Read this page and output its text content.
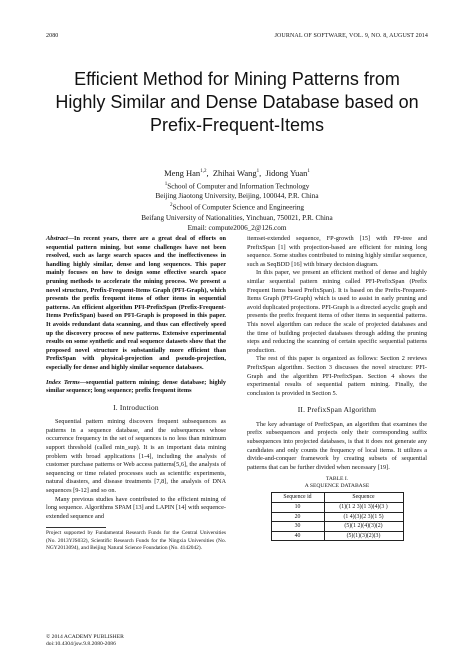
2080	JOURNAL OF SOFTWARE, VOL. 9, NO. 8, AUGUST 2014
Efficient Method for Mining Patterns from
Highly Similar and Dense Database based on
Prefix-Frequent-Items
Meng Han$^{1,2}$,  Zhihai Wang$^1$,  Jidong Yuan$^1$
$^1$School of Computer and Information Technology
Beijing Jiaotong University, Beijing, 100044, P.R. China
$^2$School of Computer Science and Engineering
Beifang University of Nationalities, Yinchuan, 750021, P.R. China
Email: compute2006_2@126.com

Abstract—In recent years, there are a great deal of efforts on sequential pattern mining, but some challenges have not been resolved, such as large search spaces and the ineffectiveness in handling highly similar, dense and long sequences. This paper mainly focuses on how to design some effective search space pruning methods to accelerate the mining process. We present a novel structure, Prefix-Frequent-Items Graph (PFI-Graph), which presents the prefix frequent items of other items in sequential patterns. An efficient algorithm PFI-PrefixSpan (Prefix-Frequent-Items PrefixSpan) based on PFI-Graph is proposed in this paper. It avoids redundant data scanning, and thus can effectively speed up the discovery process of new patterns. Extensive experimental results on some synthetic and real sequence datasets show that the proposed novel structure is substantially more efficient than PrefixSpan with physical-projection and pseudo-projection, especially for dense and highly similar sequence databases.

Index Terms—sequential pattern mining; dense database; highly similar sequence; long sequence; prefix frequent items

I. Introduction

Sequential pattern mining discovers frequent subsequences as patterns in a sequence database, and the subsequences whose occurrence frequency in the set of sequences is no less than minimum support threshold (called min_sup). It is an important data mining problem with broad applications [1-4], including the analysis of customer purchase patterns or Web access patterns[5,6], the analysis of sequencing or time related processes such as scientific experiments, natural disasters, and disease treatments [7,8], the analysis of DNA sequences [9-12] and so on.

Many previous studies have contributed to the efficient mining of long sequence. Algorithms SPAM [13] and LAPIN [14] with sequence-extended sequence and

Project supported by Fundamental Research Funds for the Central Universities (No. 2013YJS032), Scientific Research Funds for the Ningxia Universities (No. NGY2013094), and Beijing Natural Science Foundation (No. 4142042).

itemset-extended sequence, FP-growth [15] with FP-tree and PrefixSpan [1] with projection-based are efficient for mining long sequence. Some studies contributed to mining highly similar sequence, such as SeqBDD [16] with binary decision diagram.

In this paper, we present an efficient method of dense and highly similar sequential pattern mining called PFI-PrefixSpan (Prefix Frequent Items based PrefixSpan). It is based on the Prefix-Frequent-Items Graph (PFI-Graph) which is used to assist in early pruning and avoid duplicated projections. PFI-Graph is a directed acyclic graph and presents the prefix frequent items of other items in sequential patterns. This novel algorithm can reduce the scale of projected databases and the time of building projected databases through adding the pruning steps and reducing the scanning of certain specific sequential patterns production.

The rest of this paper is organized as follows: Section 2 reviews PrefixSpan algorithm. Section 3 discusses the novel structure: PFI-Graph and the algorithm PFI-PrefixSpan. Section 4 shows the experimental results of sequential pattern mining. Finally, the conclusion is provided in Section 5.

II. PrefixSpan Algorithm

The key advantage of PrefixSpan, an algorithm that examines the prefix subsequences and projects only their corresponding suffix subsequences into projected databases, is that it does not generate any candidates and only counts the frequency of local items. It utilizes a divide-and-conquer framework by creating subsets of sequential patterns that can be further divided when necessary [19].

TABLE I.
A SEQUENCE DATABASE
Sequence id	Sequence
10	(1)(1 2 3)(1 3)(4)(3 )
20	(1 4)(3)(2 3)(1 5)
30	(5)(1 2)(4)(3)(2)
40	(5)(1)(3)(2)(3)
© 2014 ACADEMY PUBLISHER
doi:10.4304/jsw.9.8.2080-2086
